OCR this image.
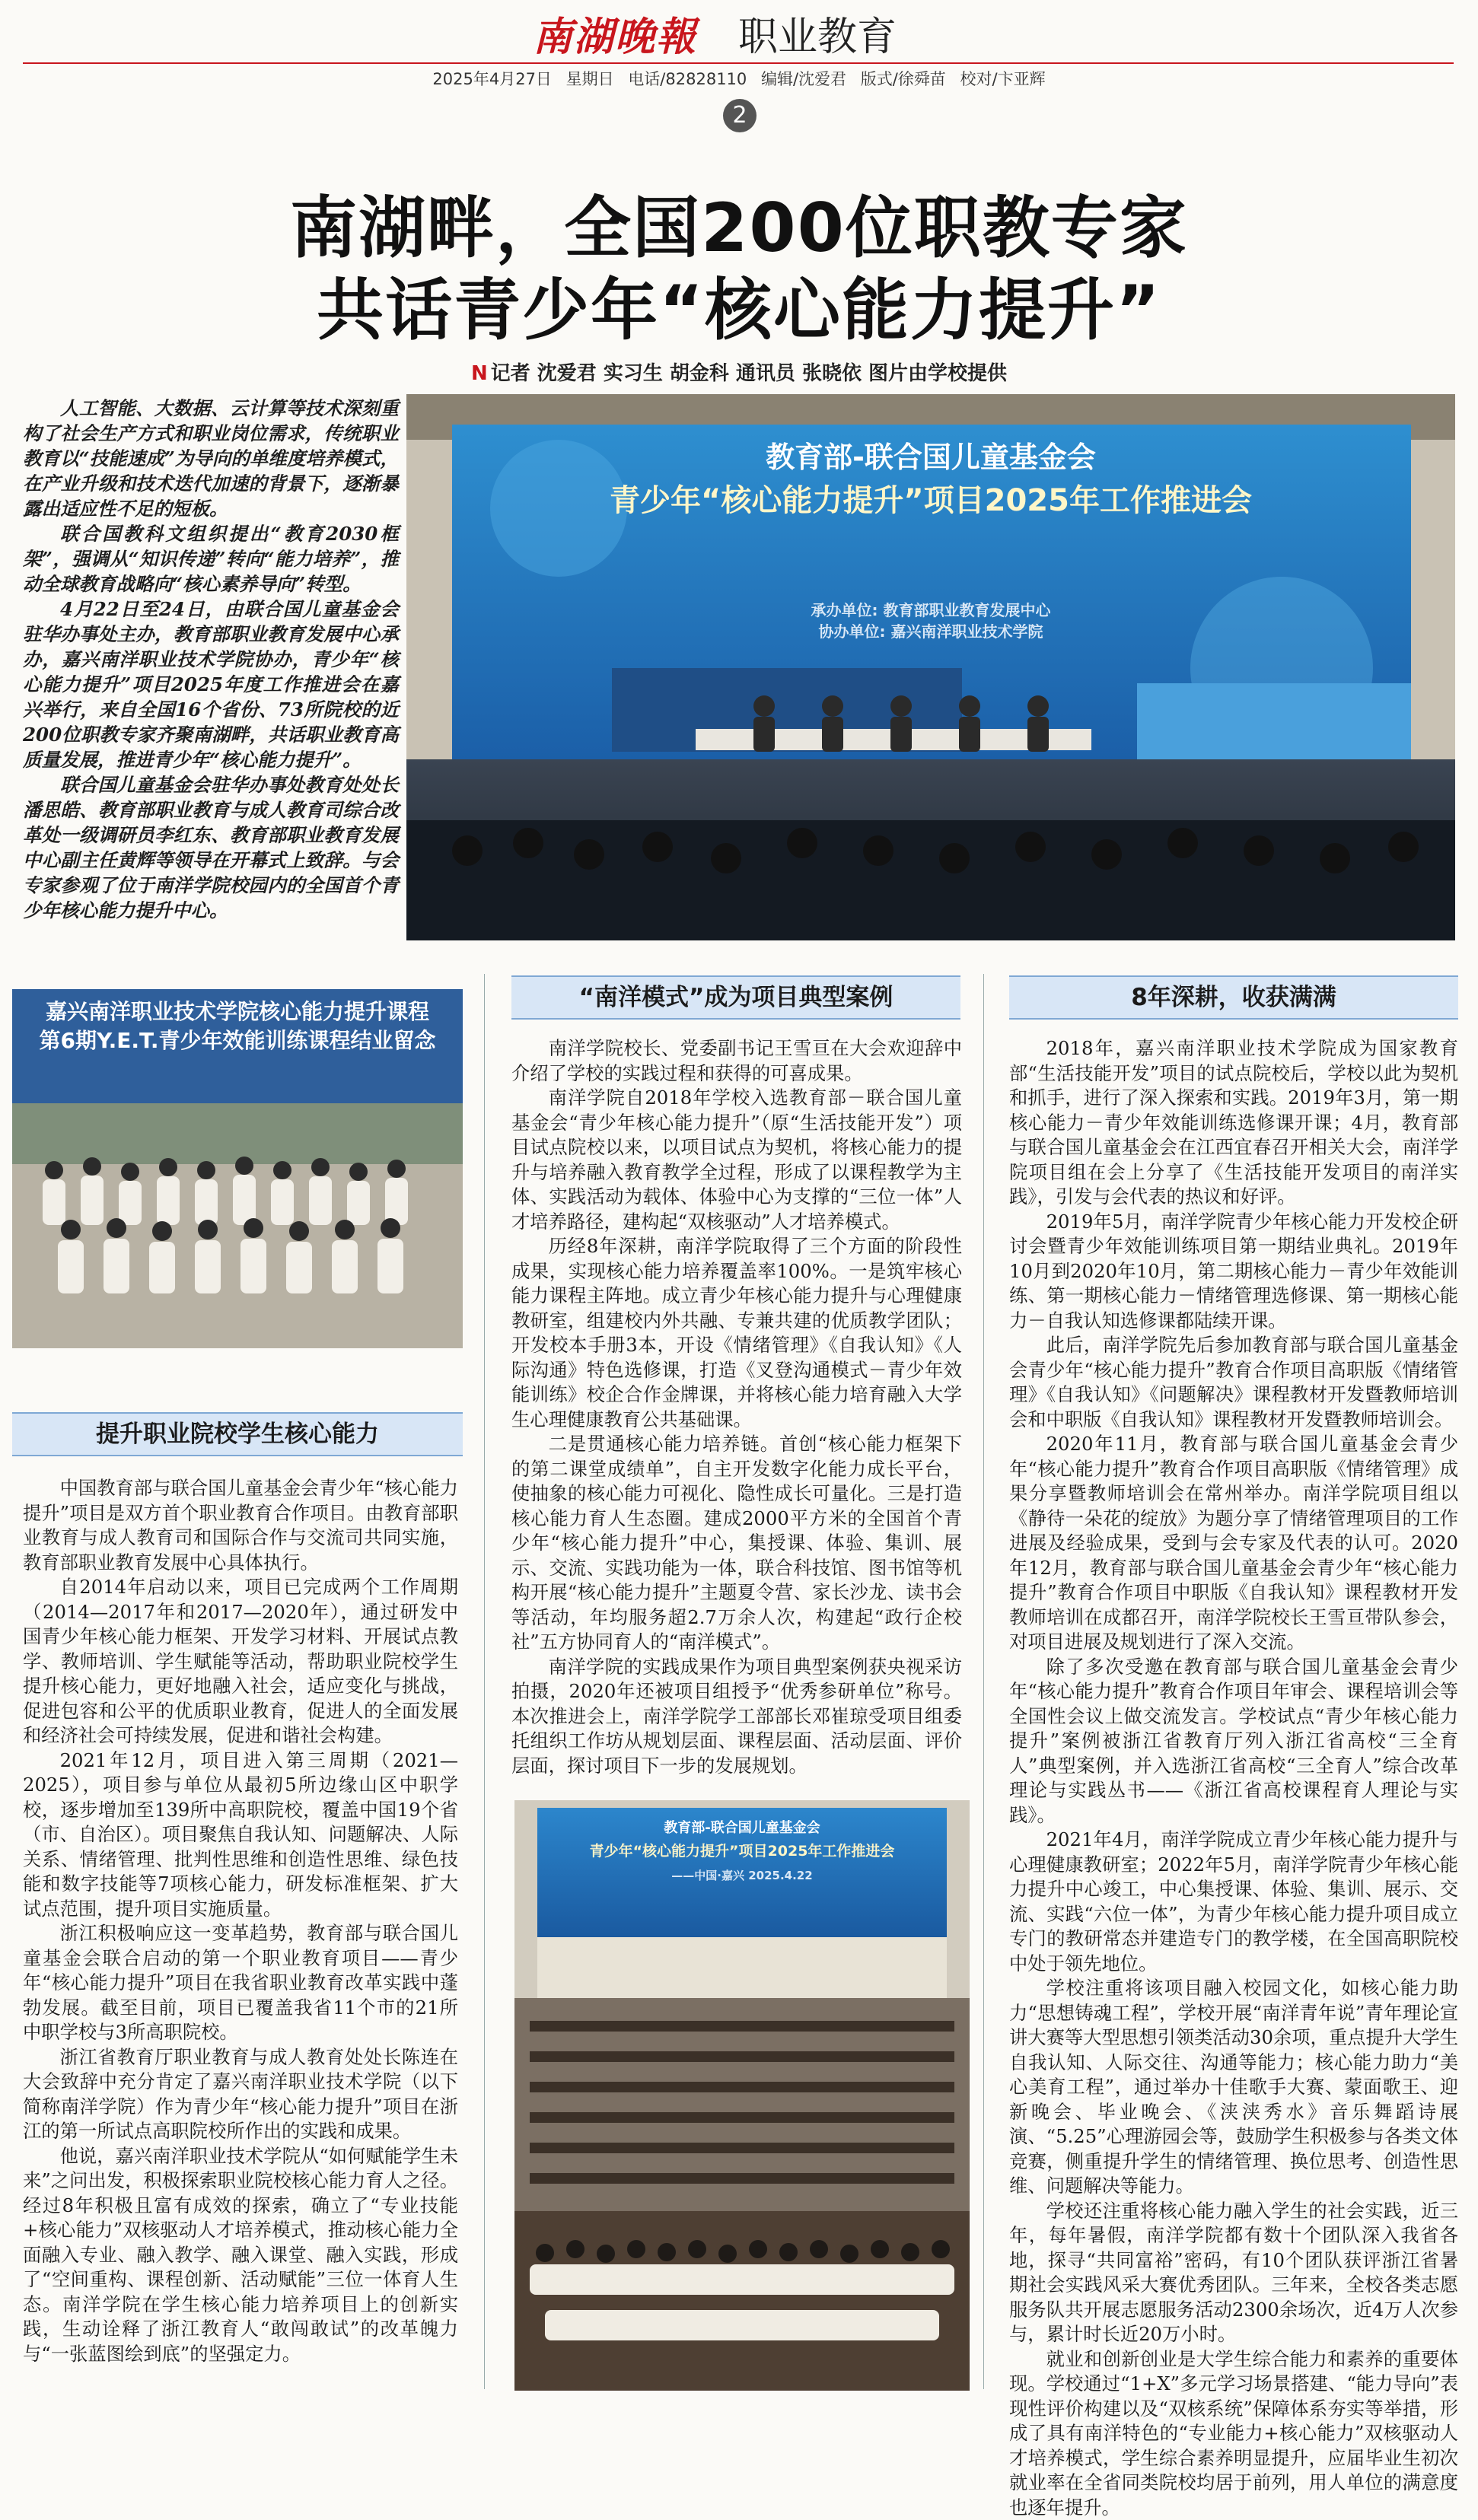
南湖晚報 职业教育
2025年4月27日 星期日 电话/82828110 编辑/沈爱君 版式/徐舜苗 校对/卞亚辉
2
南湖畔，全国200位职教专家
共话青少年“核心能力提升”
N 记者 沈爱君 实习生 胡金科 通讯员 张晓依 图片由学校提供

人工智能、大数据、云计算等技术深刻重构了社会生产方式和职业岗位需求，传统职业教育以“技能速成”为导向的单维度培养模式，在产业升级和技术迭代加速的背景下，逐渐暴露出适应性不足的短板。

联合国教科文组织提出“教育2030框架”，强调从“知识传递”转向“能力培养”，推动全球教育战略向“核心素养导向”转型。

4月22日至24日，由联合国儿童基金会驻华办事处主办，教育部职业教育发展中心承办，嘉兴南洋职业技术学院协办，青少年“核心能力提升”项目2025年度工作推进会在嘉兴举行，来自全国16个省份、73所院校的近200位职教专家齐聚南湖畔，共话职业教育高质量发展，推进青少年“核心能力提升”。

联合国儿童基金会驻华办事处教育处处长潘思皓、教育部职业教育与成人教育司综合改革处一级调研员李红东、教育部职业教育发展中心副主任黄辉等领导在开幕式上致辞。与会专家参观了位于南洋学院校园内的全国首个青少年核心能力提升中心。

教育部-联合国儿童基金会
青少年“核心能力提升”项目2025年工作推进会
承办单位: 教育部职业教育发展中心
协办单位: 嘉兴南洋职业技术学院
嘉兴南洋职业技术学院核心能力提升课程
第6期Y.E.T.青少年效能训练课程结业留念
提升职业院校学生核心能力

中国教育部与联合国儿童基金会青少年“核心能力提升”项目是双方首个职业教育合作项目。由教育部职业教育与成人教育司和国际合作与交流司共同实施，教育部职业教育发展中心具体执行。

自2014年启动以来，项目已完成两个工作周期（2014—2017年和2017—2020年），通过研发中国青少年核心能力框架、开发学习材料、开展试点教学、教师培训、学生赋能等活动，帮助职业院校学生提升核心能力，更好地融入社会，适应变化与挑战，促进包容和公平的优质职业教育，促进人的全面发展和经济社会可持续发展，促进和谐社会构建。

2021年12月，项目进入第三周期（2021—2025），项目参与单位从最初5所边缘山区中职学校，逐步增加至139所中高职院校，覆盖中国19个省（市、自治区）。项目聚焦自我认知、问题解决、人际关系、情绪管理、批判性思维和创造性思维、绿色技能和数字技能等7项核心能力，研发标准框架、扩大试点范围，提升项目实施质量。

浙江积极响应这一变革趋势，教育部与联合国儿童基金会联合启动的第一个职业教育项目——青少年“核心能力提升”项目在我省职业教育改革实践中蓬勃发展。截至目前，项目已覆盖我省11个市的21所中职学校与3所高职院校。

浙江省教育厅职业教育与成人教育处处长陈连在大会致辞中充分肯定了嘉兴南洋职业技术学院（以下简称南洋学院）作为青少年“核心能力提升”项目在浙江的第一所试点高职院校所作出的实践和成果。

他说，嘉兴南洋职业技术学院从“如何赋能学生未来”之问出发，积极探索职业院校核心能力育人之径。经过8年积极且富有成效的探索，确立了“专业技能+核心能力”双核驱动人才培养模式，推动核心能力全面融入专业、融入教学、融入课堂、融入实践，形成了“空间重构、课程创新、活动赋能”三位一体育人生态。南洋学院在学生核心能力培养项目上的创新实践，生动诠释了浙江教育人“敢闯敢试”的改革魄力与“一张蓝图绘到底”的坚强定力。

“南洋模式”成为项目典型案例

南洋学院校长、党委副书记王雪亘在大会欢迎辞中介绍了学校的实践过程和获得的可喜成果。

南洋学院自2018年学校入选教育部－联合国儿童基金会“青少年核心能力提升”（原“生活技能开发”）项目试点院校以来，以项目试点为契机，将核心能力的提升与培养融入教育教学全过程，形成了以课程教学为主体、实践活动为载体、体验中心为支撑的“三位一体”人才培养路径，建构起“双核驱动”人才培养模式。

历经8年深耕，南洋学院取得了三个方面的阶段性成果，实现核心能力培养覆盖率100%。一是筑牢核心能力课程主阵地。成立青少年核心能力提升与心理健康教研室，组建校内外共融、专兼共建的优质教学团队；开发校本手册3本，开设《情绪管理》《自我认知》《人际沟通》特色选修课，打造《叉登沟通模式－青少年效能训练》校企合作金牌课，并将核心能力培育融入大学生心理健康教育公共基础课。

二是贯通核心能力培养链。首创“核心能力框架下的第二课堂成绩单”，自主开发数字化能力成长平台，使抽象的核心能力可视化、隐性成长可量化。三是打造核心能力育人生态圈。建成2000平方米的全国首个青少年“核心能力提升”中心，集授课、体验、集训、展示、交流、实践功能为一体，联合科技馆、图书馆等机构开展“核心能力提升”主题夏令营、家长沙龙、读书会等活动，年均服务超2.7万余人次，构建起“政行企校社”五方协同育人的“南洋模式”。

南洋学院的实践成果作为项目典型案例获央视采访拍摄，2020年还被项目组授予“优秀参研单位”称号。本次推进会上，南洋学院学工部部长邓崔琼受项目组委托组织工作坊从规划层面、课程层面、活动层面、评价层面，探讨项目下一步的发展规划。

教育部-联合国儿童基金会
青少年“核心能力提升”项目2025年工作推进会
——中国·嘉兴 2025.4.22
8年深耕，收获满满

2018年，嘉兴南洋职业技术学院成为国家教育部“生活技能开发”项目的试点院校后，学校以此为契机和抓手，进行了深入探索和实践。2019年3月，第一期核心能力－青少年效能训练选修课开课；4月，教育部与联合国儿童基金会在江西宜春召开相关大会，南洋学院项目组在会上分享了《生活技能开发项目的南洋实践》，引发与会代表的热议和好评。

2019年5月，南洋学院青少年核心能力开发校企研讨会暨青少年效能训练项目第一期结业典礼。2019年10月到2020年10月，第二期核心能力－青少年效能训练、第一期核心能力－情绪管理选修课、第一期核心能力－自我认知选修课都陆续开课。

此后，南洋学院先后参加教育部与联合国儿童基金会青少年“核心能力提升”教育合作项目高职版《情绪管理》《自我认知》《问题解决》课程教材开发暨教师培训会和中职版《自我认知》课程教材开发暨教师培训会。

2020年11月，教育部与联合国儿童基金会青少年“核心能力提升”教育合作项目高职版《情绪管理》成果分享暨教师培训会在常州举办。南洋学院项目组以《静待一朵花的绽放》为题分享了情绪管理项目的工作进展及经验成果，受到与会专家及代表的认可。2020年12月，教育部与联合国儿童基金会青少年“核心能力提升”教育合作项目中职版《自我认知》课程教材开发教师培训在成都召开，南洋学院校长王雪亘带队参会，对项目进展及规划进行了深入交流。

除了多次受邀在教育部与联合国儿童基金会青少年“核心能力提升”教育合作项目年审会、课程培训会等全国性会议上做交流发言。学校试点“青少年核心能力提升”案例被浙江省教育厅列入浙江省高校“三全育人”典型案例，并入选浙江省高校“三全育人”综合改革理论与实践丛书——《浙江省高校课程育人理论与实践》。

2021年4月，南洋学院成立青少年核心能力提升与心理健康教研室；2022年5月，南洋学院青少年核心能力提升中心竣工，中心集授课、体验、集训、展示、交流、实践“六位一体”，为青少年核心能力提升项目成立专门的教研常态并建造专门的教学楼，在全国高职院校中处于领先地位。

学校注重将该项目融入校园文化，如核心能力助力“思想铸魂工程”，学校开展“南洋青年说”青年理论宣讲大赛等大型思想引领类活动30余项，重点提升大学生自我认知、人际交往、沟通等能力；核心能力助力“美心美育工程”，通过举办十佳歌手大赛、蒙面歌王、迎新晚会、毕业晚会、《浃浃秀水》音乐舞蹈诗展演、“5.25”心理游园会等，鼓励学生积极参与各类文体竞赛，侧重提升学生的情绪管理、换位思考、创造性思维、问题解决等能力。

学校还注重将核心能力融入学生的社会实践，近三年，每年暑假，南洋学院都有数十个团队深入我省各地，探寻“共同富裕”密码，有10个团队获评浙江省暑期社会实践风采大赛优秀团队。三年来，全校各类志愿服务队共开展志愿服务活动2300余场次，近4万人次参与，累计时长近20万小时。

就业和创新创业是大学生综合能力和素养的重要体现。学校通过“1+X”多元学习场景搭建、“能力导向”表现性评价构建以及“双核系统”保障体系夯实等举措，形成了具有南洋特色的“专业能力+核心能力”双核驱动人才培养模式，学生综合素养明显提升，应届毕业生初次就业率在全省同类院校均居于前列，用人单位的满意度也逐年提升。
